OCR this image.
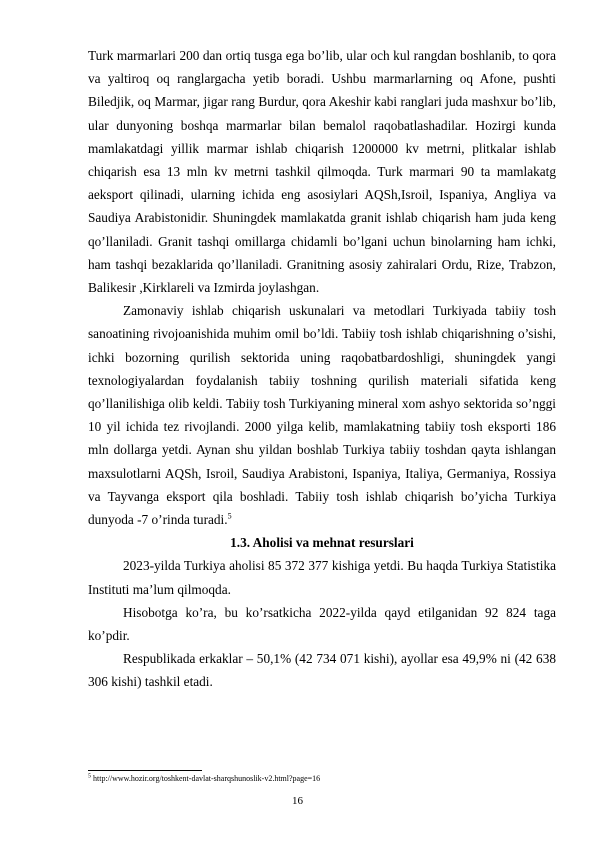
Turk marmarlari 200 dan ortiq tusga ega bo’lib, ular och kul rangdan boshlanib, to qora va yaltiroq oq ranglargacha yetib boradi. Ushbu marmarlarning oq Afone, pushti Biledjik, oq Marmar, jigar rang Burdur, qora Akeshir kabi ranglari juda mashxur bo’lib, ular dunyoning boshqa marmarlar bilan bemalol raqobatlashadilar. Hozirgi kunda mamlakatdagi yillik marmar ishlab chiqarish 1200000 kv metrni, plitkalar ishlab chiqarish esa 13 mln kv metrni tashkil qilmoqda. Turk marmari 90 ta mamlakatg aeksport qilinadi, ularning ichida eng asosiylari AQSh,Isroil, Ispaniya, Angliya va Saudiya Arabistonidir. Shuningdek mamlakatda granit ishlab chiqarish ham juda keng qo’llaniladi. Granit tashqi omillarga chidamli bo’lgani uchun binolarning ham ichki, ham tashqi bezaklarida qo’llaniladi. Granitning asosiy zahiralari Ordu, Rize, Trabzon, Balikesir ,Kirklareli va Izmirda joylashgan.

Zamonaviy ishlab chiqarish uskunalari va metodlari Turkiyada tabiiy tosh sanoatining rivojoanishida muhim omil bo’ldi. Tabiiy tosh ishlab chiqarishning o’sishi, ichki bozorning qurilish sektorida uning raqobatbardoshligi, shuningdek yangi texnologiyalardan foydalanish tabiiy toshning qurilish materiali sifatida keng qo’llanilishiga olib keldi. Tabiiy tosh Turkiyaning mineral xom ashyo sektorida so’nggi 10 yil ichida tez rivojlandi. 2000 yilga kelib, mamlakatning tabiiy tosh eksporti 186 mln dollarga yetdi. Aynan shu yildan boshlab Turkiya tabiiy toshdan qayta ishlangan maxsulotlarni AQSh, Isroil, Saudiya Arabistoni, Ispaniya, Italiya, Germaniya, Rossiya va Tayvanga eksport qila boshladi. Tabiiy tosh ishlab chiqarish bo’yicha Turkiya dunyoda -7 o’rinda turadi.$^5$

1.3. Aholisi va mehnat resurslari

2023-yilda Turkiya aholisi 85 372 377 kishiga yetdi. Bu haqda Turkiya Statistika Instituti ma’lum qilmoqda.

Hisobotga ko’ra, bu ko’rsatkicha 2022-yilda qayd etilganidan 92 824 taga ko’pdir.

Respublikada erkaklar – 50,1% (42 734 071 kishi), ayollar esa 49,9% ni (42 638 306 kishi) tashkil etadi.

$^5$ http://www.hozir.org/toshkent-davlat-sharqshunoslik-v2.html?page=16
16
